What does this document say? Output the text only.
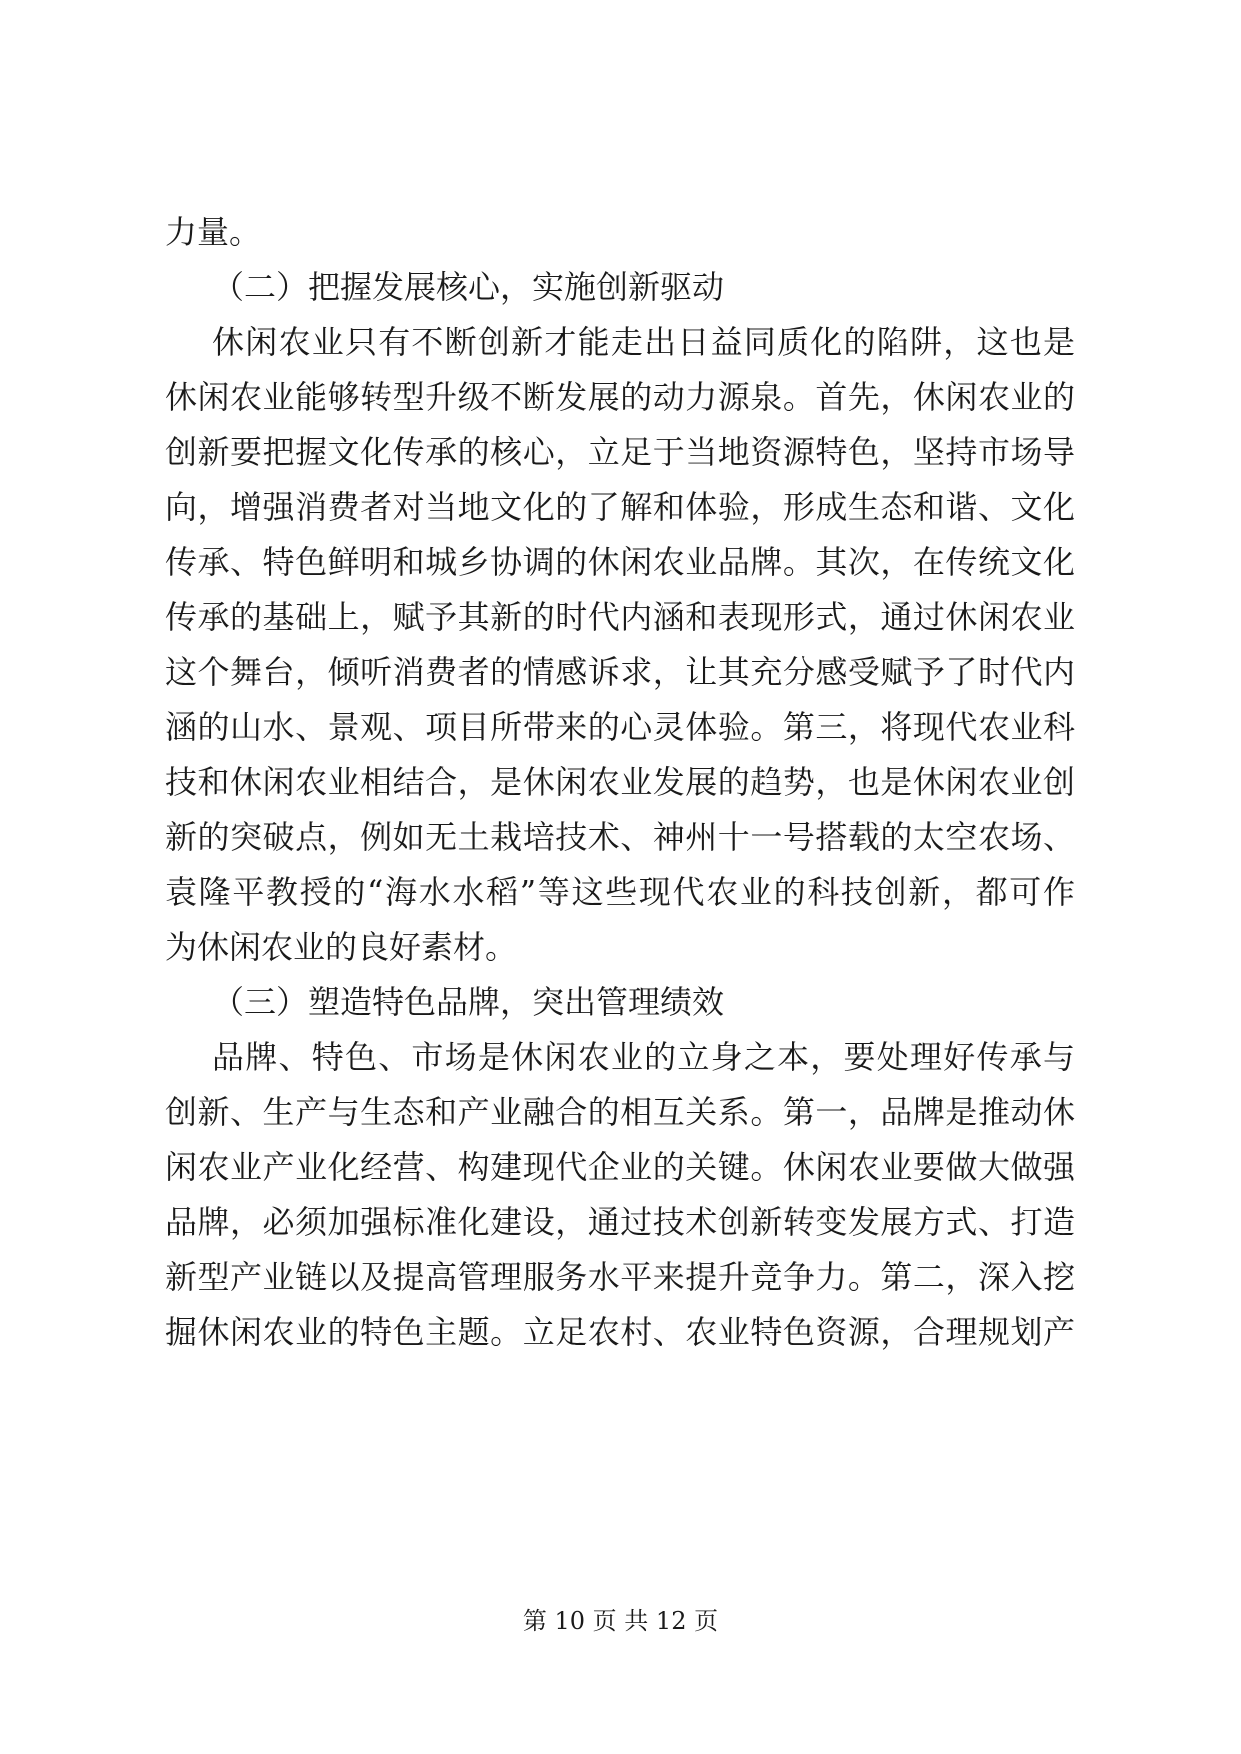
力量。
（二）把握发展核心，实施创新驱动
休闲农业只有不断创新才能走出日益同质化的陷阱，这也是
休闲农业能够转型升级不断发展的动力源泉。首先，休闲农业的
创新要把握文化传承的核心，立足于当地资源特色，坚持市场导
向，增强消费者对当地文化的了解和体验，形成生态和谐、文化
传承、特色鲜明和城乡协调的休闲农业品牌。其次，在传统文化
传承的基础上，赋予其新的时代内涵和表现形式，通过休闲农业
这个舞台，倾听消费者的情感诉求，让其充分感受赋予了时代内
涵的山水、景观、项目所带来的心灵体验。第三，将现代农业科
技和休闲农业相结合，是休闲农业发展的趋势，也是休闲农业创
新的突破点，例如无土栽培技术、神州十一号搭载的太空农场、
袁隆平教授的“海水水稻”等这些现代农业的科技创新，都可作
为休闲农业的良好素材。
（三）塑造特色品牌，突出管理绩效
品牌、特色、市场是休闲农业的立身之本，要处理好传承与
创新、生产与生态和产业融合的相互关系。第一，品牌是推动休
闲农业产业化经营、构建现代企业的关键。休闲农业要做大做强
品牌，必须加强标准化建设，通过技术创新转变发展方式、打造
新型产业链以及提高管理服务水平来提升竞争力。第二，深入挖
掘休闲农业的特色主题。立足农村、农业特色资源，合理规划产
第 10 页 共 12 页
